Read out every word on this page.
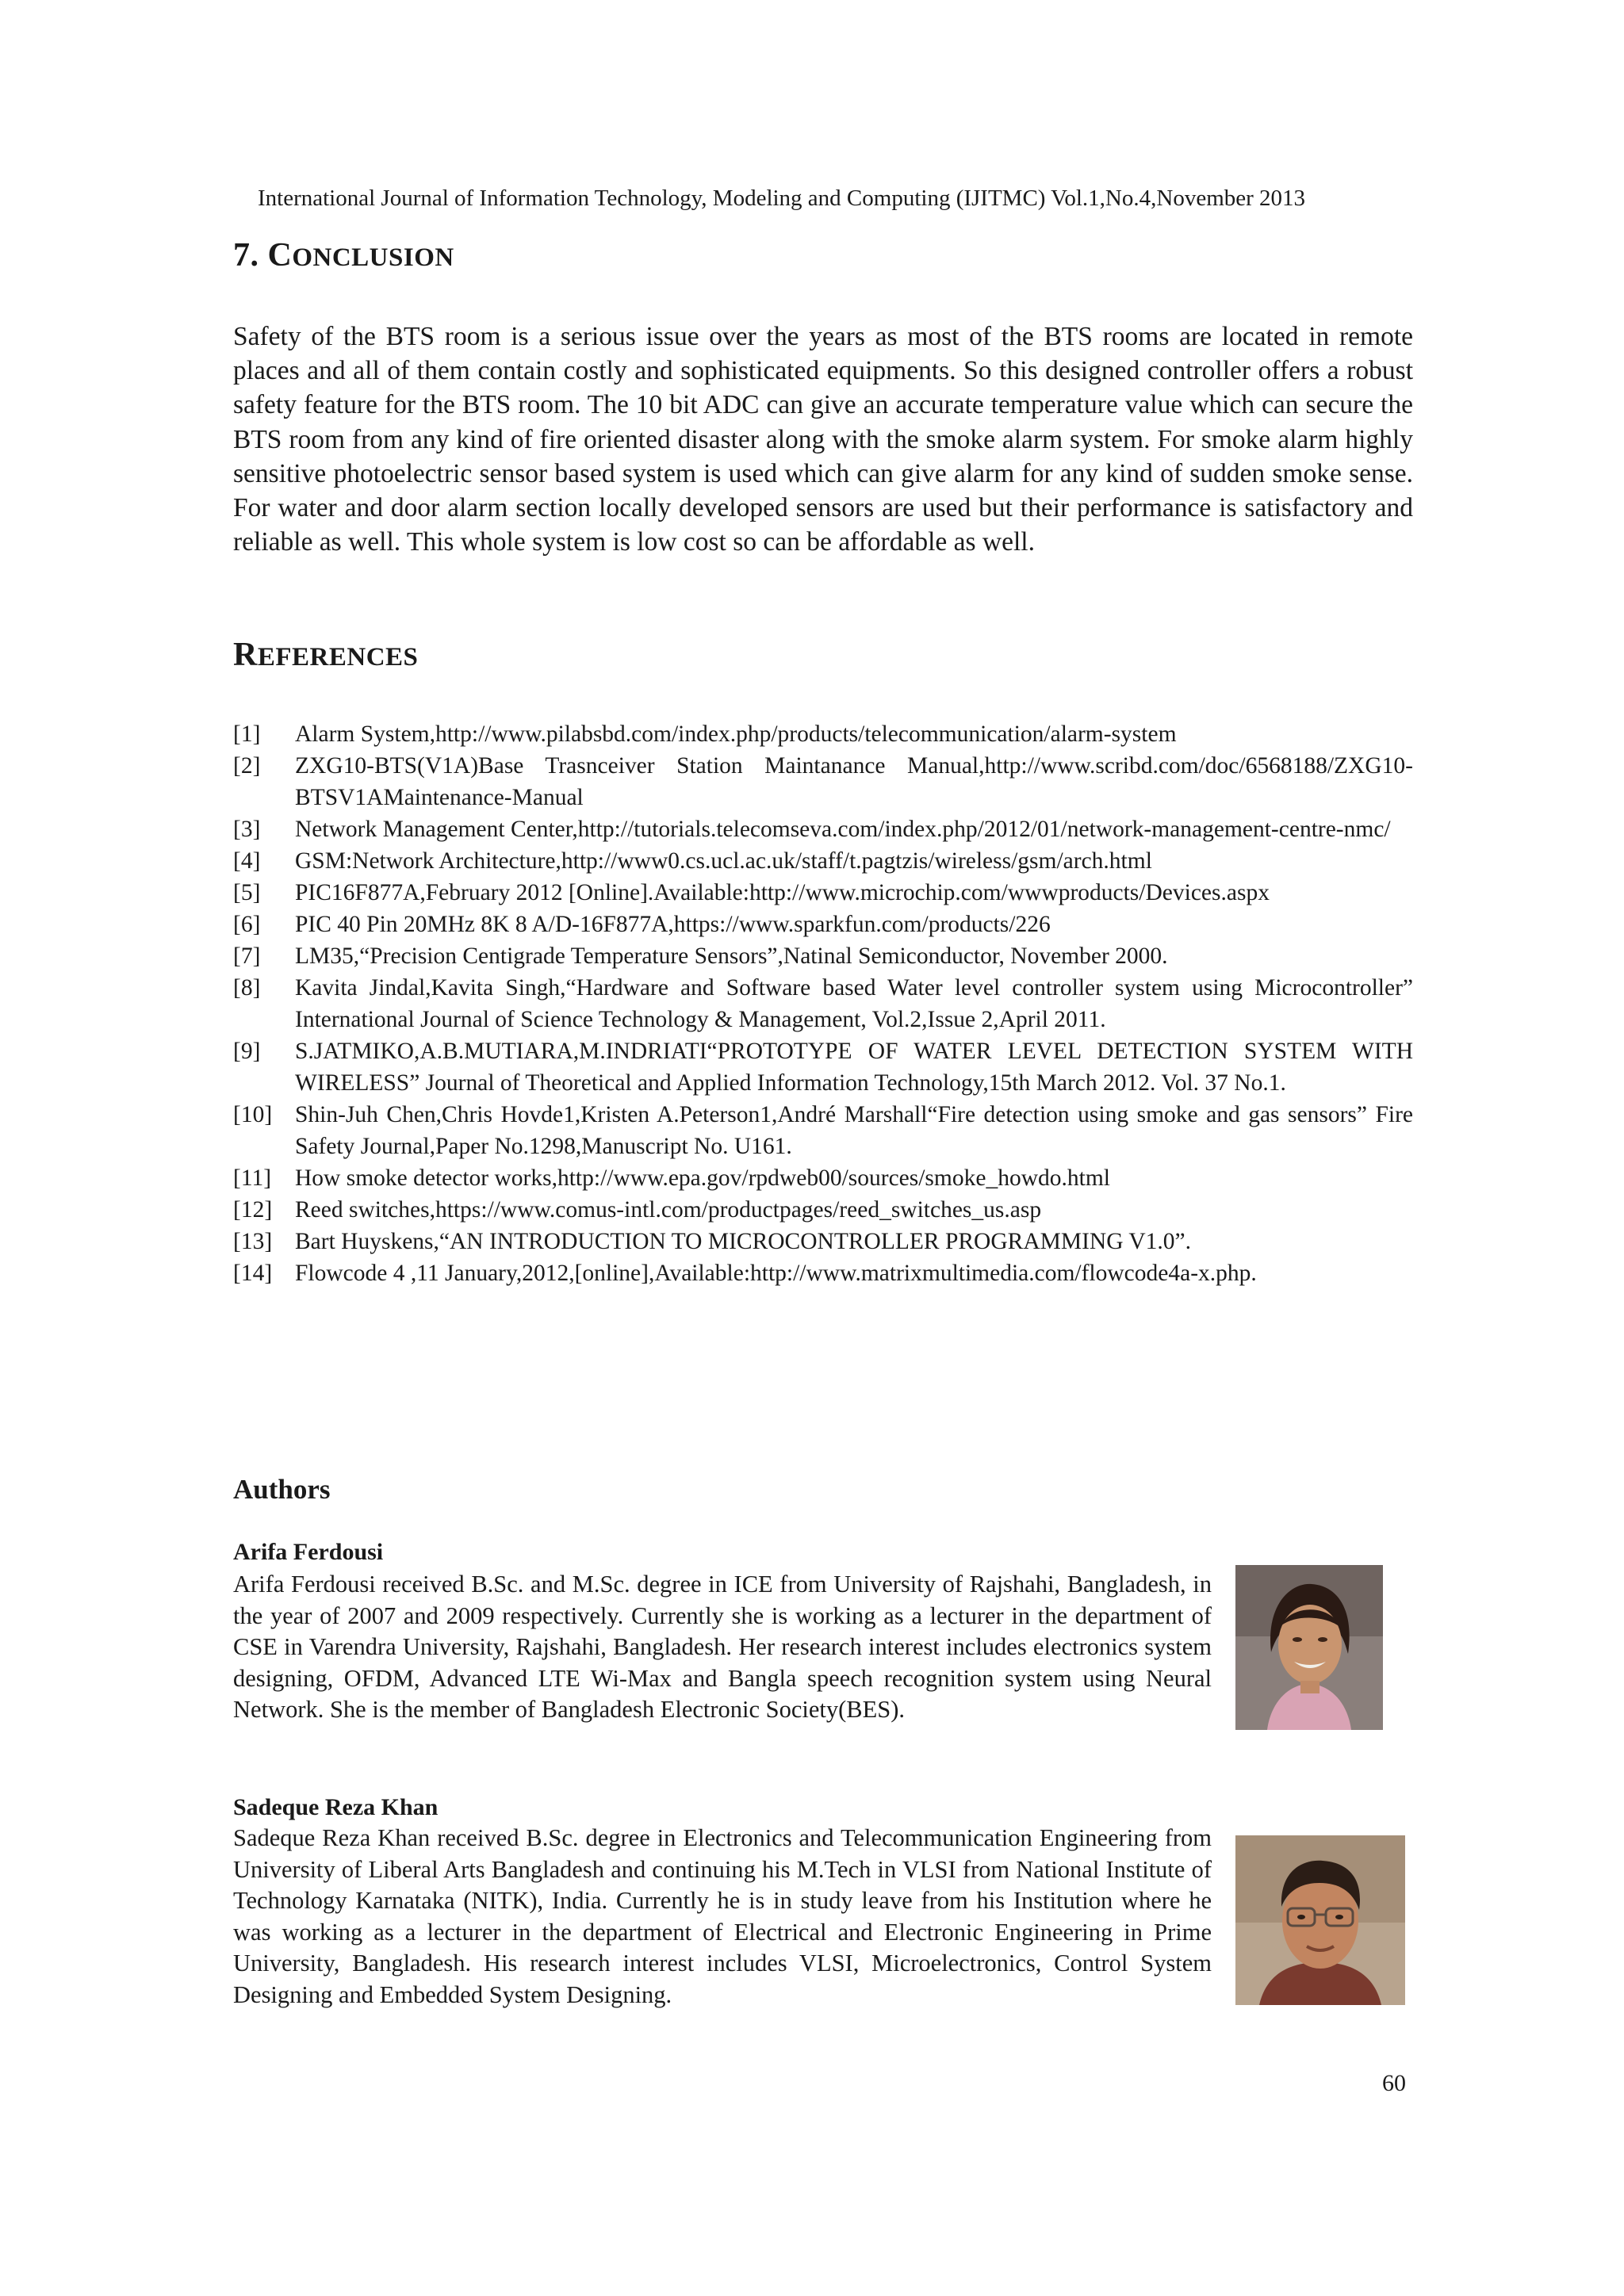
International Journal of Information Technology, Modeling and Computing (IJITMC) Vol.1,No.4,November 2013
7. CONCLUSION
Safety of the BTS room is a serious issue over the years as most of the BTS rooms are located in remote places and all of them contain costly and sophisticated equipments. So this designed controller offers a robust safety feature for the BTS room. The 10 bit ADC can give an accurate temperature value which can secure the BTS room from any kind of fire oriented disaster along with the smoke alarm system. For smoke alarm highly sensitive photoelectric sensor based system is used which can give alarm for any kind of sudden smoke sense. For water and door alarm section locally developed sensors are used but their performance is satisfactory and reliable as well. This whole system is low cost so can be affordable as well.
REFERENCES
[1] Alarm System,http://www.pilabsbd.com/index.php/products/telecommunication/alarm-system
[2] ZXG10-BTS(V1A)Base Trasnceiver Station Maintanance Manual,http://www.scribd.com/doc/6568188/ZXG10-BTSV1AMaintenance-Manual
[3] Network Management Center,http://tutorials.telecomseva.com/index.php/2012/01/network-management-centre-nmc/
[4] GSM:Network Architecture,http://www0.cs.ucl.ac.uk/staff/t.pagtzis/wireless/gsm/arch.html
[5] PIC16F877A,February 2012 [Online].Available:http://www.microchip.com/wwwproducts/Devices.aspx
[6] PIC 40 Pin 20MHz 8K 8 A/D-16F877A,https://www.sparkfun.com/products/226
[7] LM35,“Precision Centigrade Temperature Sensors”,Natinal Semiconductor, November 2000.
[8] Kavita Jindal,Kavita Singh,“Hardware and Software based Water level controller system using Microcontroller” International Journal of Science Technology & Management, Vol.2,Issue 2,April 2011.
[9] S.JATMIKO,A.B.MUTIARA,M.INDRIATI“PROTOTYPE OF WATER LEVEL DETECTION SYSTEM WITH WIRELESS” Journal of Theoretical and Applied Information Technology,15th March 2012. Vol. 37 No.1.
[10] Shin-Juh Chen,Chris Hovde1,Kristen A.Peterson1,André Marshall“Fire detection using smoke and gas sensors” Fire Safety Journal,Paper No.1298,Manuscript No. U161.
[11] How smoke detector works,http://www.epa.gov/rpdweb00/sources/smoke_howdo.html
[12] Reed switches,https://www.comus-intl.com/productpages/reed_switches_us.asp
[13] Bart Huyskens,“AN INTRODUCTION TO MICROCONTROLLER PROGRAMMING V1.0”.
[14] Flowcode 4 ,11 January,2012,[online],Available:http://www.matrixmultimedia.com/flowcode4a-x.php.
Authors
Arifa Ferdousi
Arifa Ferdousi received B.Sc. and M.Sc. degree in ICE from University of Rajshahi, Bangladesh, in the year of 2007 and 2009 respectively. Currently she is working as a lecturer in the department of CSE in Varendra University, Rajshahi, Bangladesh. Her research interest includes electronics system designing, OFDM, Advanced LTE Wi-Max and Bangla speech recognition system using Neural Network. She is the member of Bangladesh Electronic Society(BES).
Sadeque Reza Khan
Sadeque Reza Khan received B.Sc. degree in Electronics and Telecommunication Engineering from University of Liberal Arts Bangladesh and continuing his M.Tech in VLSI from National Institute of Technology Karnataka (NITK), India. Currently he is in study leave from his Institution where he was working as a lecturer in the department of Electrical and Electronic Engineering in Prime University, Bangladesh. His research interest includes VLSI, Microelectronics, Control System Designing and Embedded System Designing.
60
